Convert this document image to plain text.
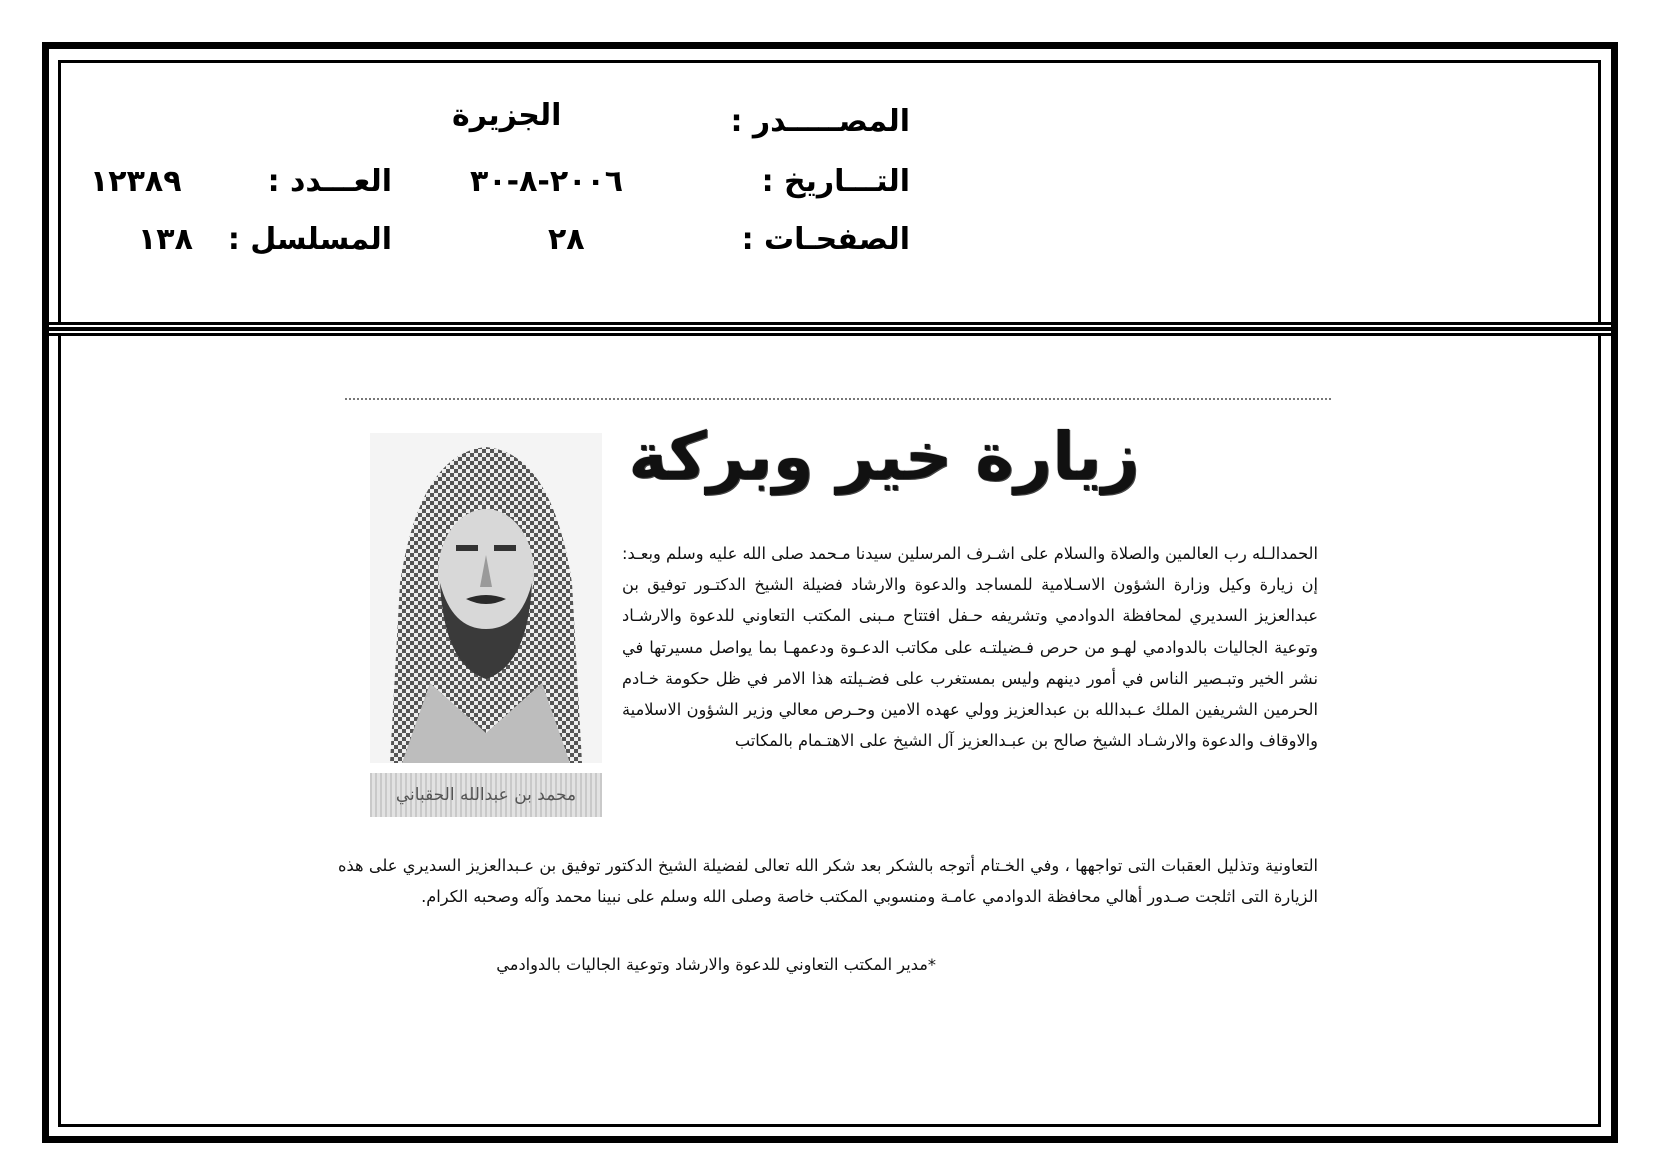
المصـــــدر :
الجزيرة
التـــاريخ :
٢٠٠٦-٨-٣٠
العـــدد :
١٢٣٨٩
الصفحـات :
٢٨
المسلسل :
١٣٨
زيارة خير وبركة
محمد بن عبدالله الحقباني
الحمدالـله رب العالمين والصلاة والسلام على اشـرف المرسلين سيدنا مـحمد صلى الله عليه وسلم وبعـد: إن زيارة وكيل وزارة الشؤون الاسـلامية للمساجد والدعوة والارشاد فضيلة الشيخ الدكتـور توفيق بن عبدالعزيز السديري لمحافظة الدوادمي وتشريفه حـفل افتتاح مـبنى المكتب التعاوني للدعوة والارشـاد وتوعية الجاليات بالدوادمي لهـو من حرص فـضيلتـه على مكاتب الدعـوة ودعمهـا بما يواصل مسيرتها في نشر الخير وتبـصير الناس في أمور دينهم وليس بمستغرب على فضـيلته هذا الامر في ظل حكومة خـادم الحرمين الشريفين الملك عـبدالله بن عبدالعزيز وولي عهده الامين وحـرص معالي وزير الشؤون الاسلامية والاوقاف والدعوة والارشـاد الشيخ صالح بن عبـدالعزيز آل الشيخ على الاهتـمام بالمكاتب
التعاونية وتذليل العقبات التى تواجهها ، وفي الخـتام أتوجه بالشكر بعد شكر الله تعالى لفضيلة الشيخ الدكتور توفيق بن عـبدالعزيز السديري على هذه الزيارة التى اثلجت صـدور أهالي محافظة الدوادمي عامـة ومنسوبي المكتب خاصة وصلى الله وسلم على نبينا محمد وآله وصحبه الكرام.
*مدير المكتب التعاوني للدعوة والارشاد وتوعية الجاليات بالدوادمي
